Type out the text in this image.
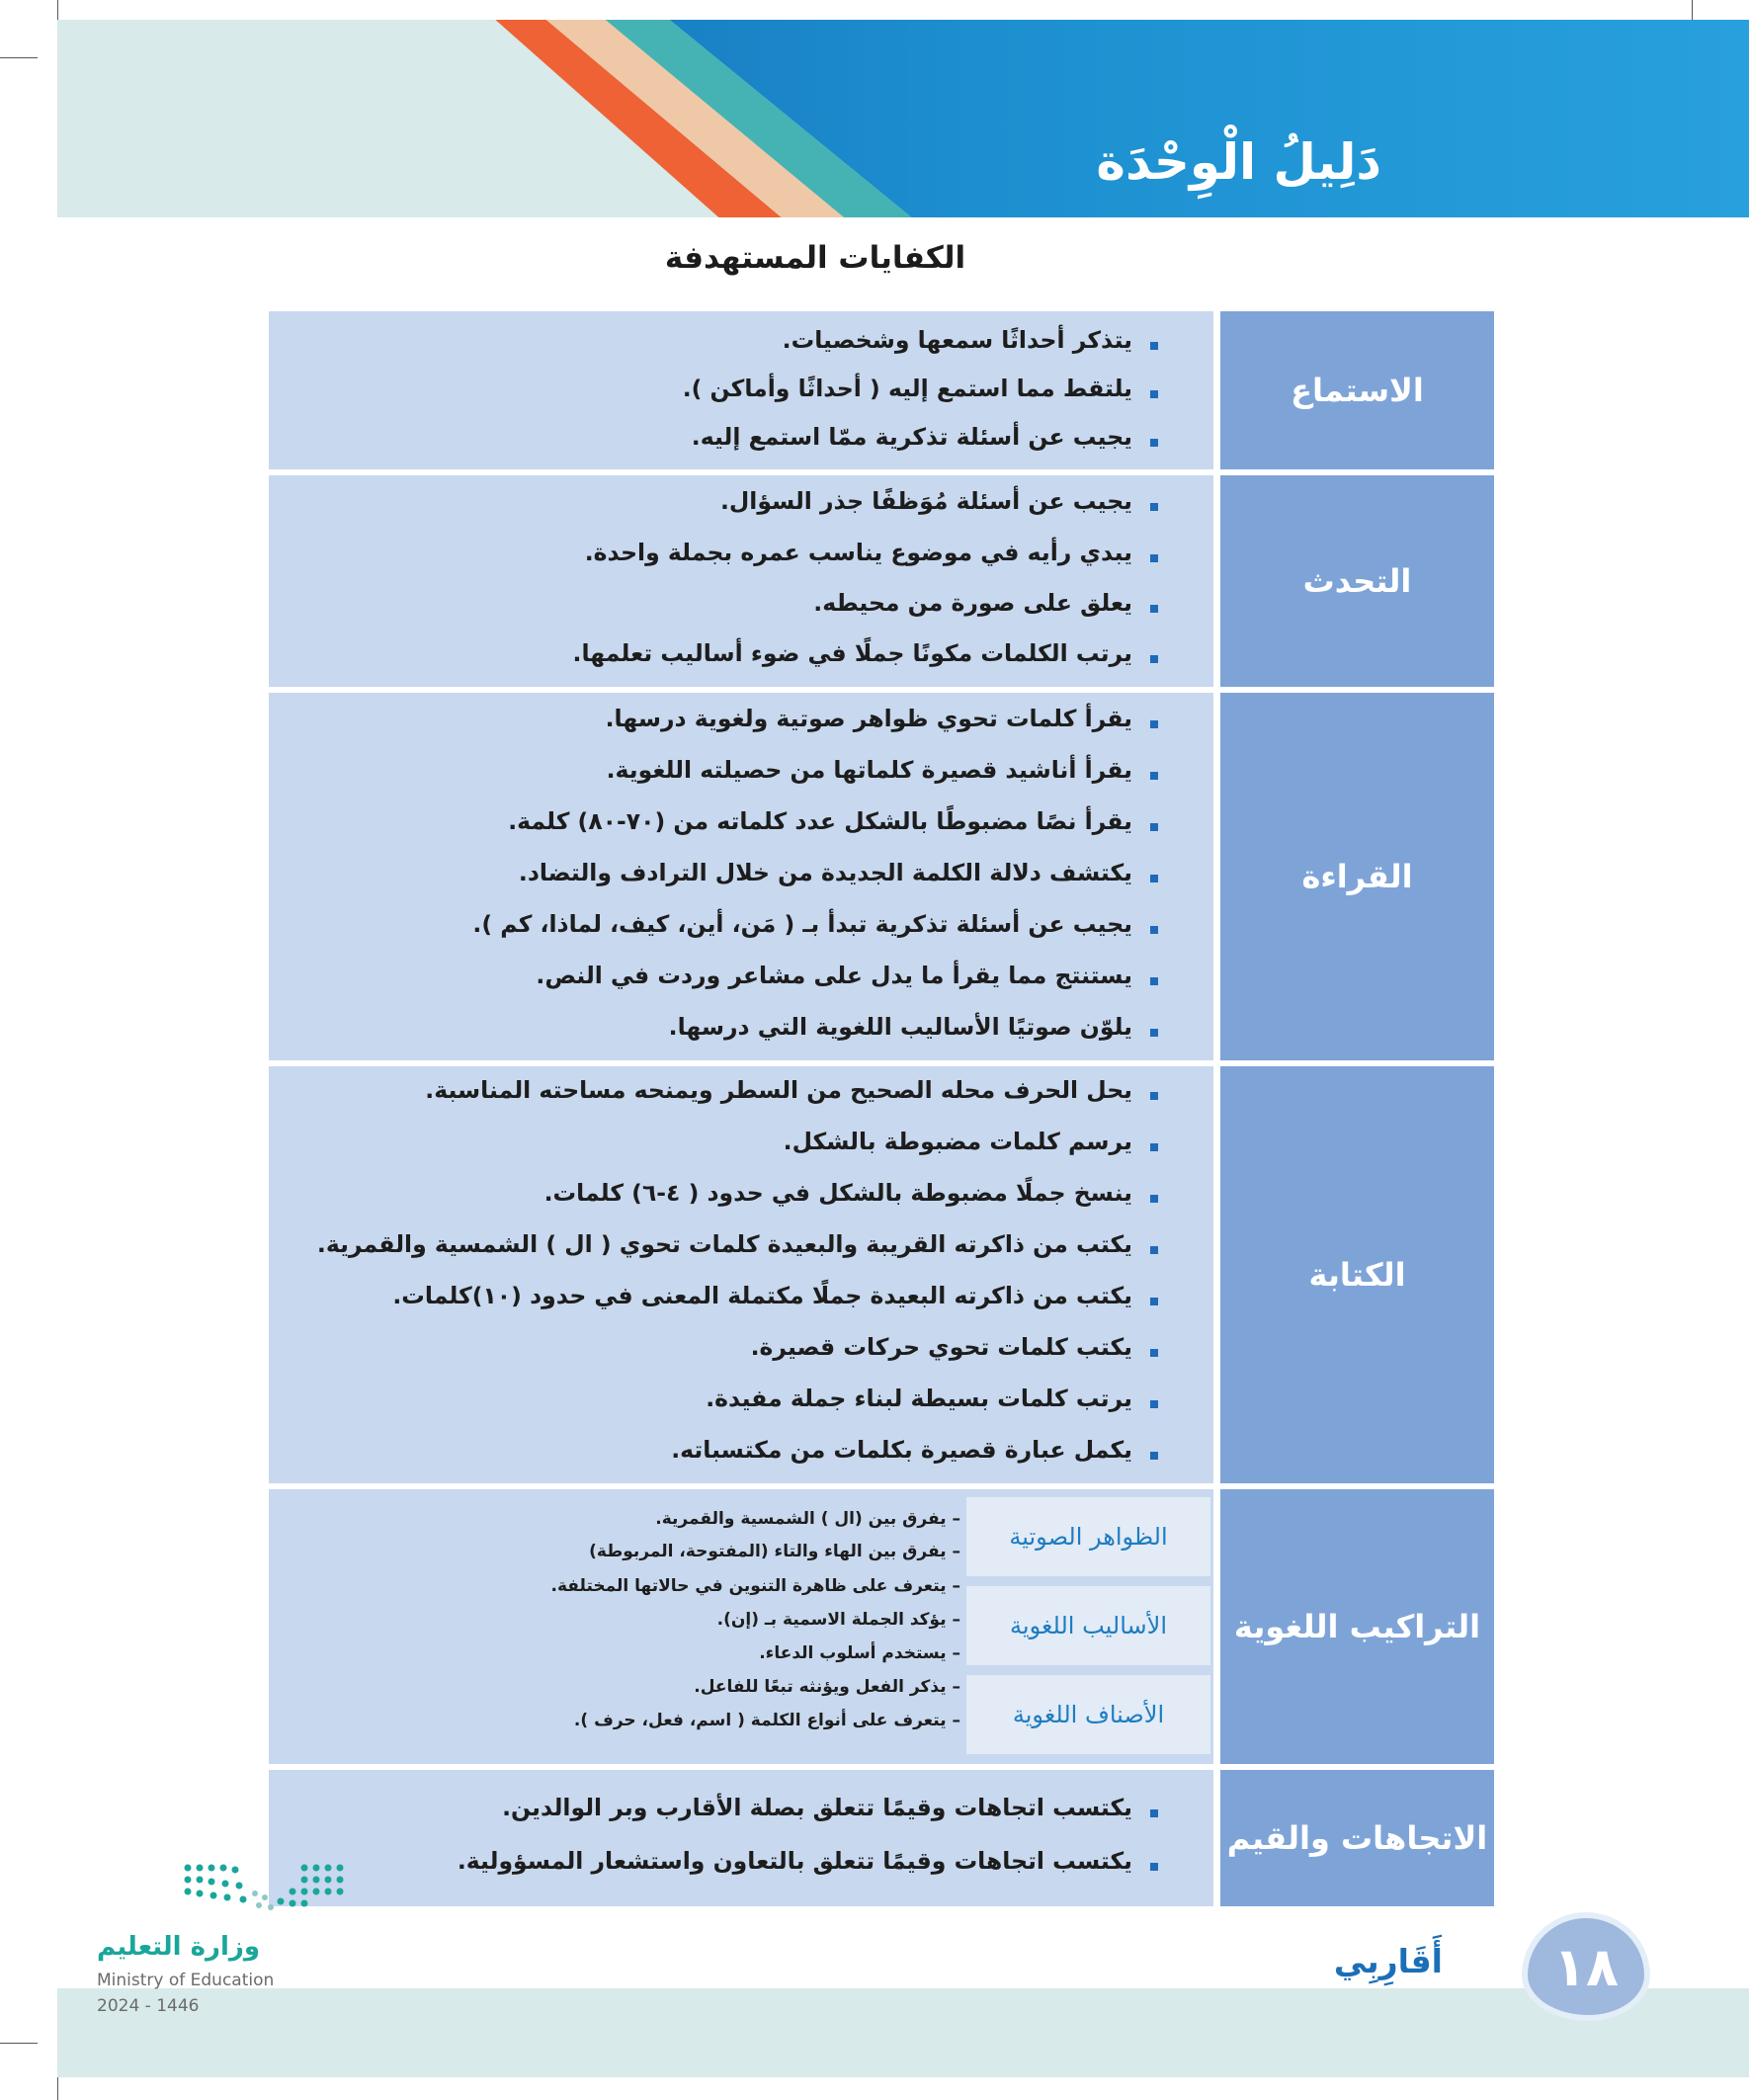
دَلِيلُ الْوِحْدَة
الكفايات المستهدفة
يتذكر أحداثًا سمعها وشخصيات.
يلتقط مما استمع إليه ( أحداثًا وأماكن ).
يجيب عن أسئلة تذكرية ممّا استمع إليه.
الاستماع
يجيب عن أسئلة مُوَظفًا جذر السؤال.
يبدي رأيه في موضوع يناسب عمره بجملة واحدة.
يعلق على صورة من محيطه.
يرتب الكلمات مكونًا جملًا في ضوء أساليب تعلمها.
التحدث
يقرأ كلمات تحوي ظواهر صوتية ولغوية درسها.
يقرأ أناشيد قصيرة كلماتها من حصيلته اللغوية.
يقرأ نصًا مضبوطًا بالشكل عدد كلماته من (٧٠-٨٠) كلمة.
يكتشف دلالة الكلمة الجديدة من خلال الترادف والتضاد.
يجيب عن أسئلة تذكرية تبدأ بـ ( مَن، أين، كيف، لماذا، كم ).
يستنتج مما يقرأ ما يدل على مشاعر وردت في النص.
يلوّن صوتيًا الأساليب اللغوية التي درسها.
القراءة
يحل الحرف محله الصحيح من السطر ويمنحه مساحته المناسبة.
يرسم كلمات مضبوطة بالشكل.
ينسخ جملًا مضبوطة بالشكل في حدود ( ٤-٦) كلمات.
يكتب من ذاكرته القريبة والبعيدة كلمات تحوي ( ال ) الشمسية والقمرية.
يكتب من ذاكرته البعيدة جملًا مكتملة المعنى في حدود (١٠)كلمات.
يكتب كلمات تحوي حركات قصيرة.
يرتب كلمات بسيطة لبناء جملة مفيدة.
يكمل عبارة قصيرة بكلمات من مكتسباته.
الكتابة
– يفرق بين (ال ) الشمسية والقمرية.
– يفرق بين الهاء والتاء (المفتوحة، المربوطة)
– يتعرف على ظاهرة التنوين في حالاتها المختلفة.
– يؤكد الجملة الاسمية بـ (إن).
– يستخدم أسلوب الدعاء.
– يذكر الفعل ويؤنثه تبعًا للفاعل.
– يتعرف على أنواع الكلمة ( اسم، فعل، حرف ).
الظواهر الصوتية
الأساليب اللغوية
الأصناف اللغوية
التراكيب اللغوية
يكتسب اتجاهات وقيمًا تتعلق بصلة الأقارب وبر الوالدين.
يكتسب اتجاهات وقيمًا تتعلق بالتعاون واستشعار المسؤولية.
الاتجاهات والقيم
وزارة التعليم
Ministry of Education
2024 - 1446
أَقَارِبِي ١٨
